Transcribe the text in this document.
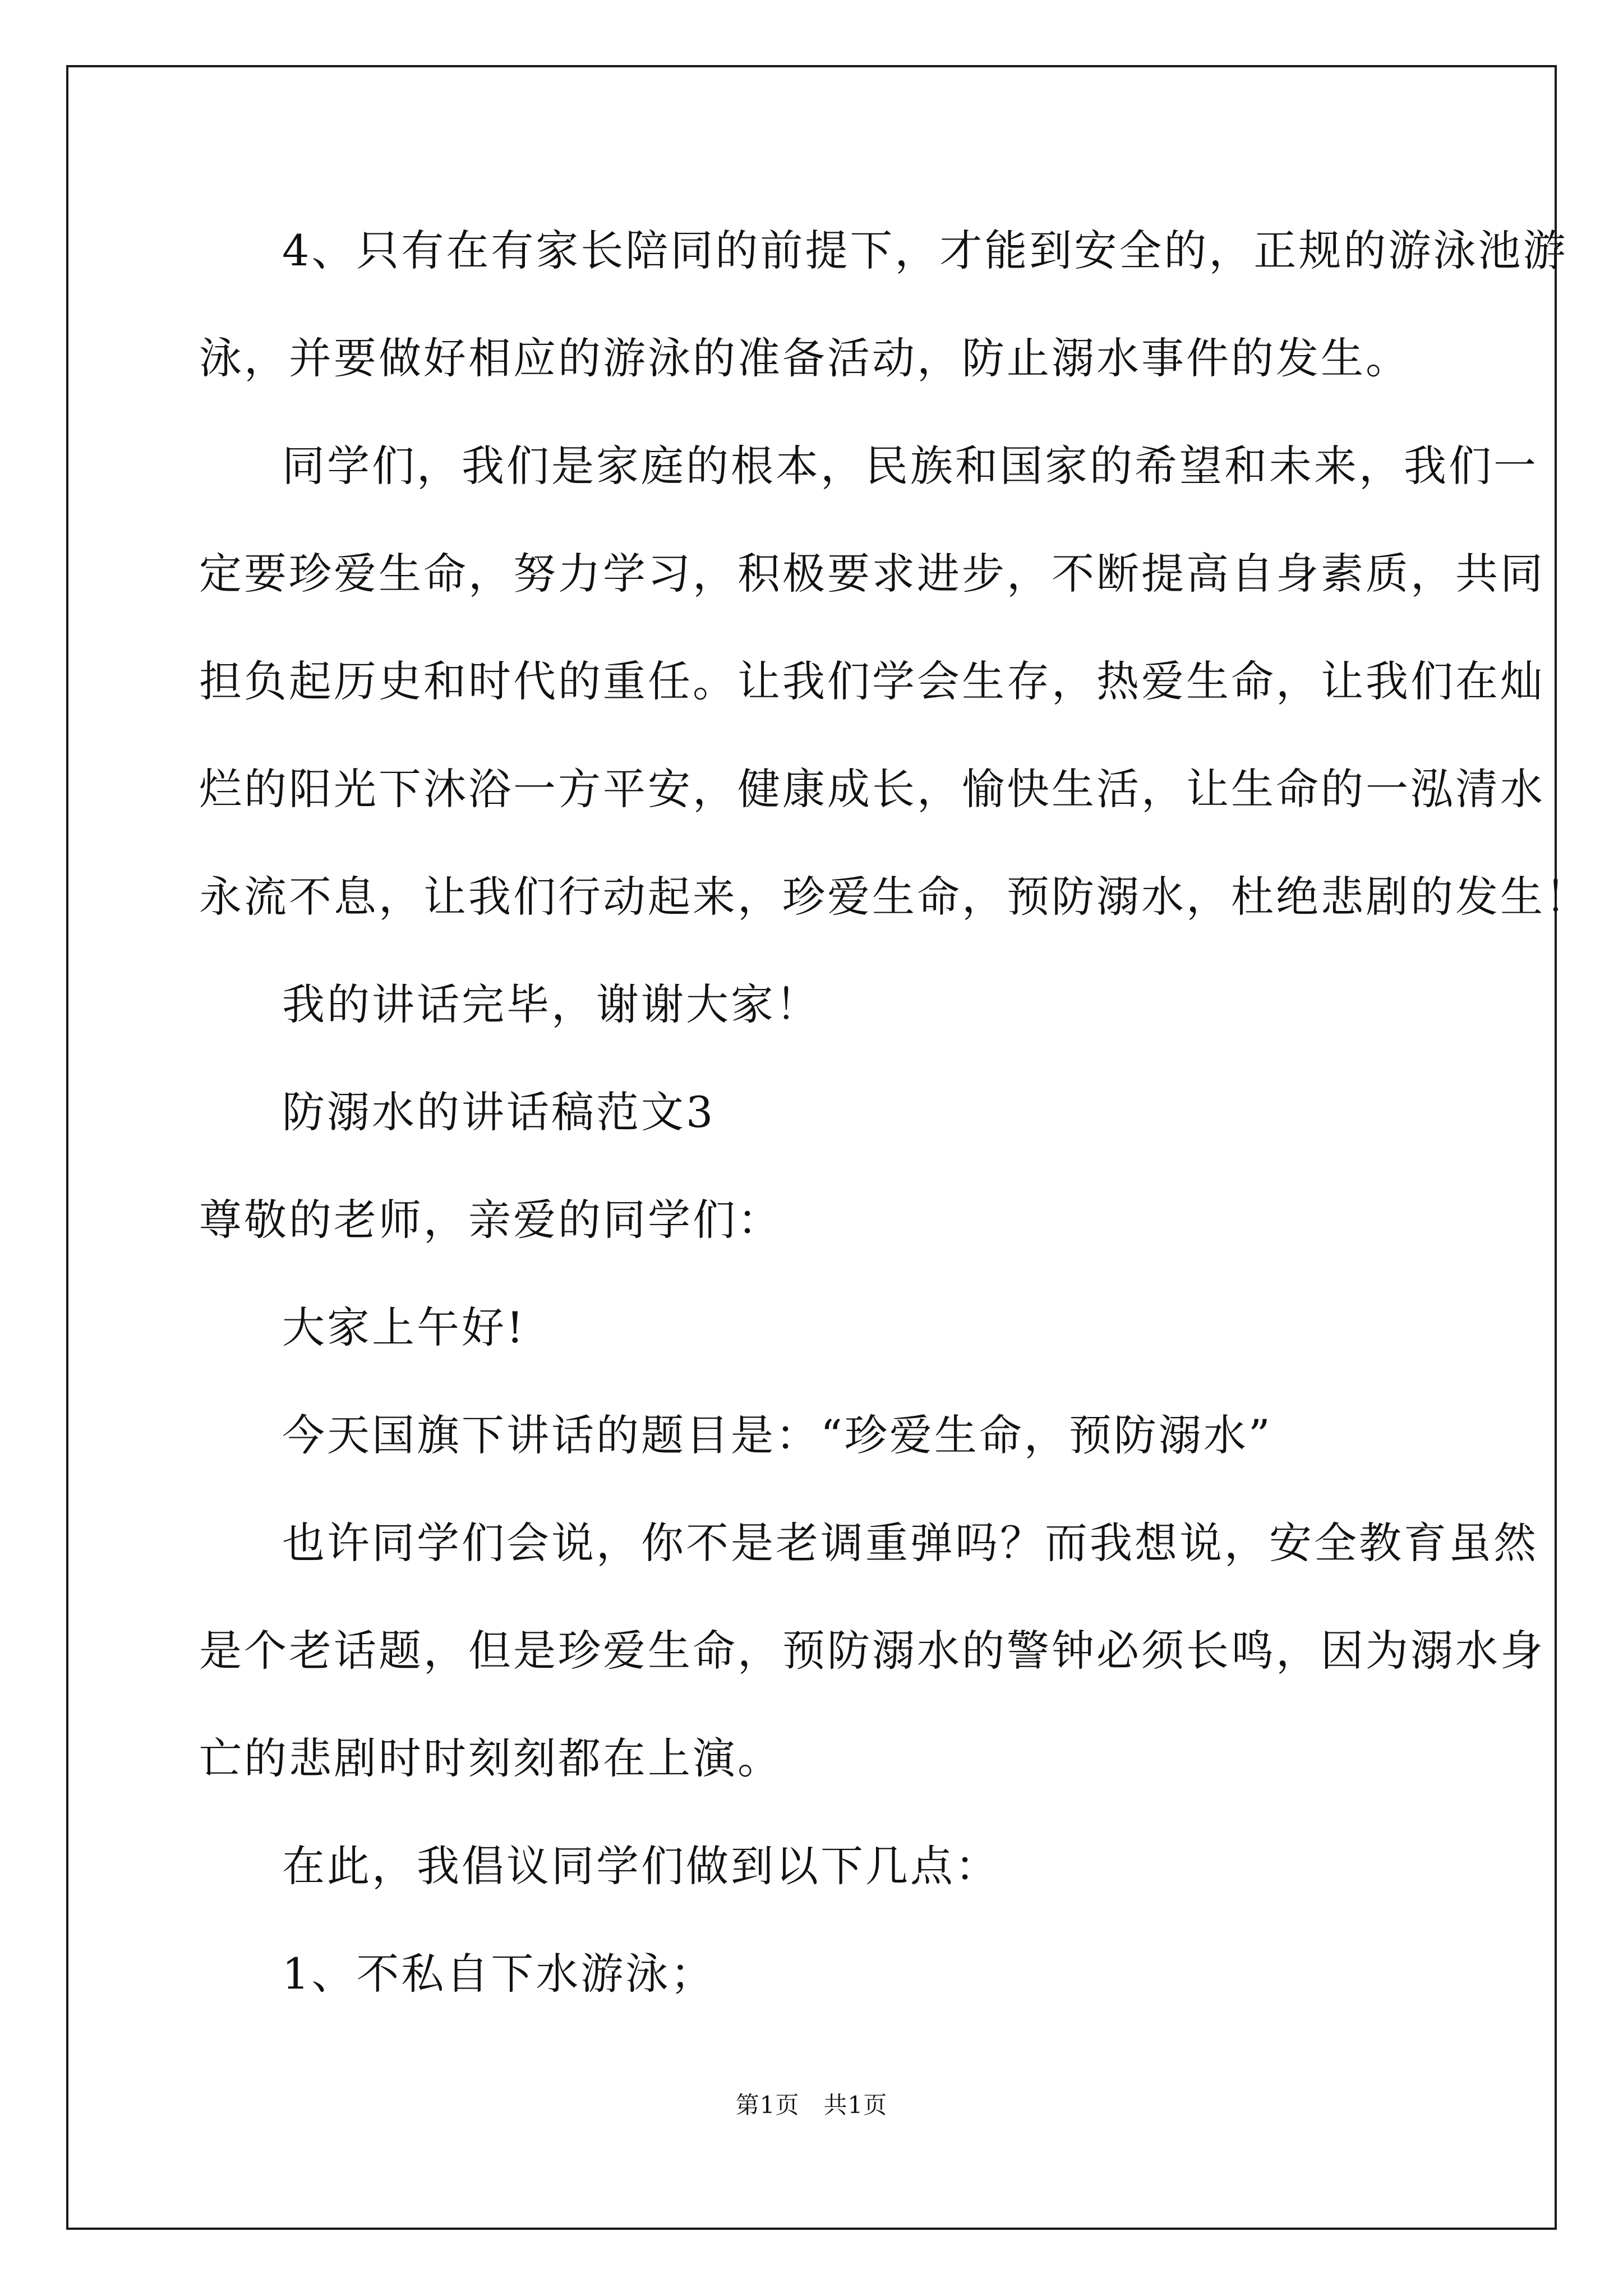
4、只有在有家长陪同的前提下，才能到安全的，正规的游泳池游
泳，并要做好相应的游泳的准备活动，防止溺水事件的发生。
同学们，我们是家庭的根本，民族和国家的希望和未来，我们一
定要珍爱生命，努力学习，积极要求进步，不断提高自身素质，共同
担负起历史和时代的重任。让我们学会生存，热爱生命，让我们在灿
烂的阳光下沐浴一方平安，健康成长，愉快生活，让生命的一泓清水
永流不息，让我们行动起来，珍爱生命，预防溺水，杜绝悲剧的发生！
我的讲话完毕，谢谢大家！
防溺水的讲话稿范文3
尊敬的老师，亲爱的同学们：
大家上午好!
今天国旗下讲话的题目是：“珍爱生命，预防溺水”
也许同学们会说，你不是老调重弹吗？而我想说，安全教育虽然
是个老话题，但是珍爱生命，预防溺水的警钟必须长鸣，因为溺水身
亡的悲剧时时刻刻都在上演。
在此，我倡议同学们做到以下几点：
1、不私自下水游泳；
第1页　共1页
